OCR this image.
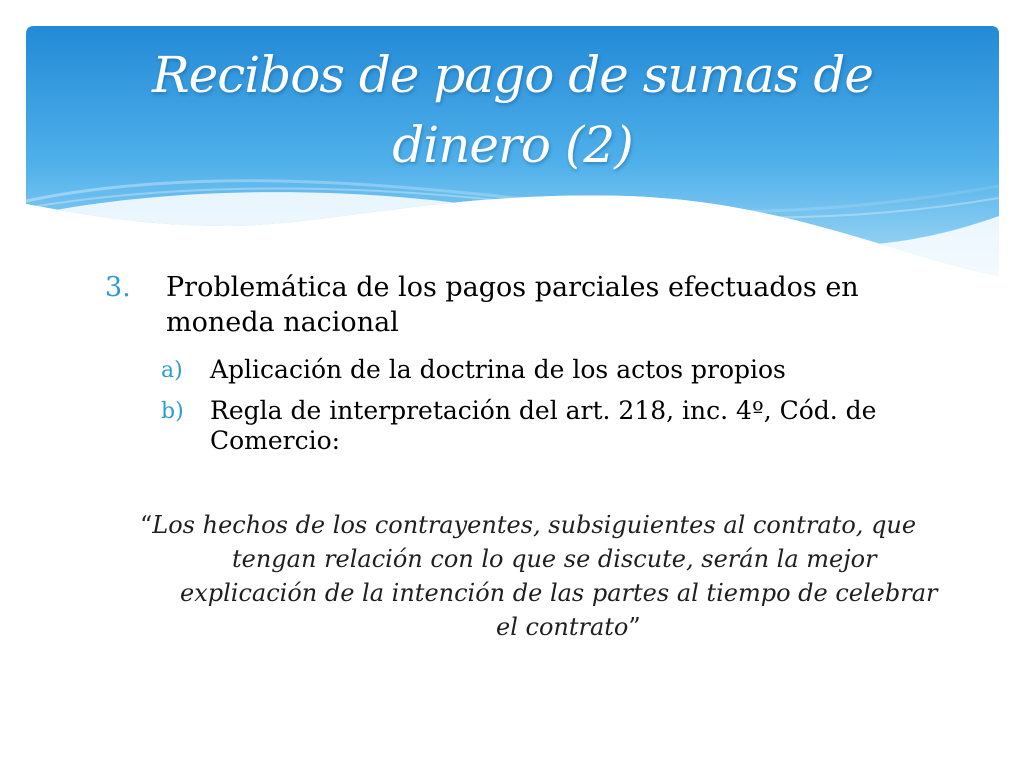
Recibos de pago de sumas de
dinero (2)
3. Problemática de los pagos parciales efectuados en
moneda nacional
a) Aplicación de la doctrina de los actos propios
b) Regla de interpretación del art. 218, inc. 4º, Cód. de
Comercio:
“Los hechos de los contrayentes, subsiguientes al contrato, que
tengan relación con lo que se discute, serán la mejor
explicación de la intención de las partes al tiempo de celebrar
el contrato”
